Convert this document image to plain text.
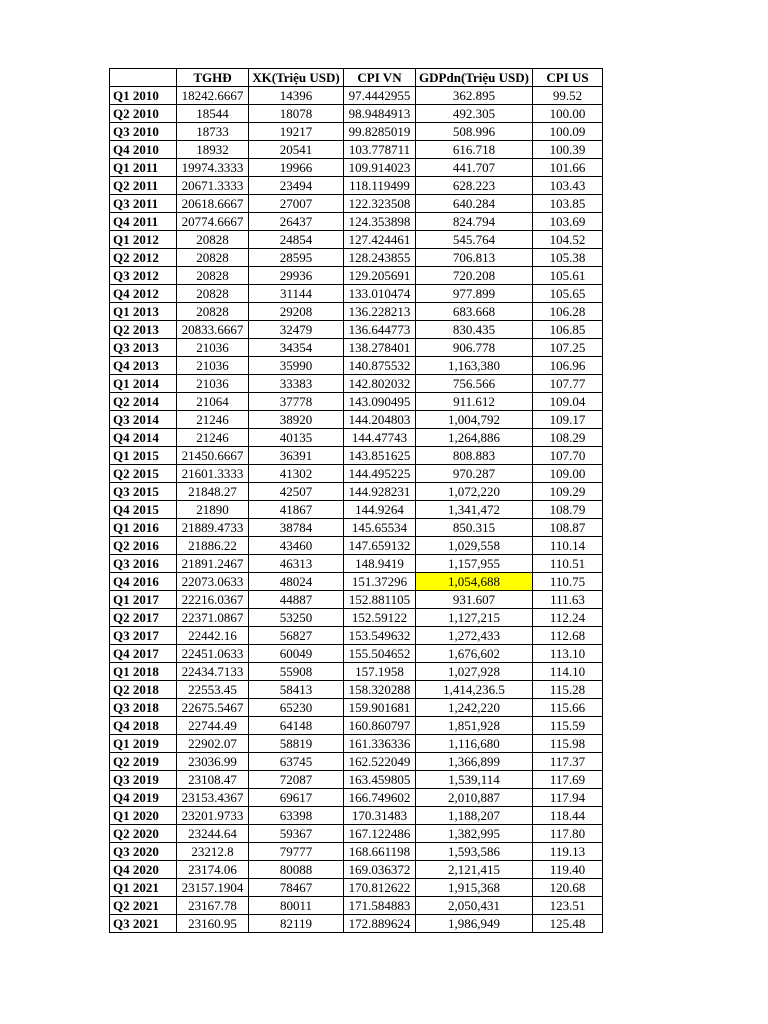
	TGHĐ	XK(Triệu USD)	CPI VN	GDPdn(Triệu USD)	CPI US
Q1 2010	18242.6667	14396	97.4442955	362.895	99.52
Q2 2010	18544	18078	98.9484913	492.305	100.00
Q3 2010	18733	19217	99.8285019	508.996	100.09
Q4 2010	18932	20541	103.778711	616.718	100.39
Q1 2011	19974.3333	19966	109.914023	441.707	101.66
Q2 2011	20671.3333	23494	118.119499	628.223	103.43
Q3 2011	20618.6667	27007	122.323508	640.284	103.85
Q4 2011	20774.6667	26437	124.353898	824.794	103.69
Q1 2012	20828	24854	127.424461	545.764	104.52
Q2 2012	20828	28595	128.243855	706.813	105.38
Q3 2012	20828	29936	129.205691	720.208	105.61
Q4 2012	20828	31144	133.010474	977.899	105.65
Q1 2013	20828	29208	136.228213	683.668	106.28
Q2 2013	20833.6667	32479	136.644773	830.435	106.85
Q3 2013	21036	34354	138.278401	906.778	107.25
Q4 2013	21036	35990	140.875532	1,163,380	106.96
Q1 2014	21036	33383	142.802032	756.566	107.77
Q2 2014	21064	37778	143.090495	911.612	109.04
Q3 2014	21246	38920	144.204803	1,004,792	109.17
Q4 2014	21246	40135	144.47743	1,264,886	108.29
Q1 2015	21450.6667	36391	143.851625	808.883	107.70
Q2 2015	21601.3333	41302	144.495225	970.287	109.00
Q3 2015	21848.27	42507	144.928231	1,072,220	109.29
Q4 2015	21890	41867	144.9264	1,341,472	108.79
Q1 2016	21889.4733	38784	145.65534	850.315	108.87
Q2 2016	21886.22	43460	147.659132	1,029,558	110.14
Q3 2016	21891.2467	46313	148.9419	1,157,955	110.51
Q4 2016	22073.0633	48024	151.37296	1,054,688	110.75
Q1 2017	22216.0367	44887	152.881105	931.607	111.63
Q2 2017	22371.0867	53250	152.59122	1,127,215	112.24
Q3 2017	22442.16	56827	153.549632	1,272,433	112.68
Q4 2017	22451.0633	60049	155.504652	1,676,602	113.10
Q1 2018	22434.7133	55908	157.1958	1,027,928	114.10
Q2 2018	22553.45	58413	158.320288	1,414,236.5	115.28
Q3 2018	22675.5467	65230	159.901681	1,242,220	115.66
Q4 2018	22744.49	64148	160.860797	1,851,928	115.59
Q1 2019	22902.07	58819	161.336336	1,116,680	115.98
Q2 2019	23036.99	63745	162.522049	1,366,899	117.37
Q3 2019	23108.47	72087	163.459805	1,539,114	117.69
Q4 2019	23153.4367	69617	166.749602	2,010,887	117.94
Q1 2020	23201.9733	63398	170.31483	1,188,207	118.44
Q2 2020	23244.64	59367	167.122486	1,382,995	117.80
Q3 2020	23212.8	79777	168.661198	1,593,586	119.13
Q4 2020	23174.06	80088	169.036372	2,121,415	119.40
Q1 2021	23157.1904	78467	170.812622	1,915,368	120.68
Q2 2021	23167.78	80011	171.584883	2,050,431	123.51
Q3 2021	23160.95	82119	172.889624	1,986,949	125.48
